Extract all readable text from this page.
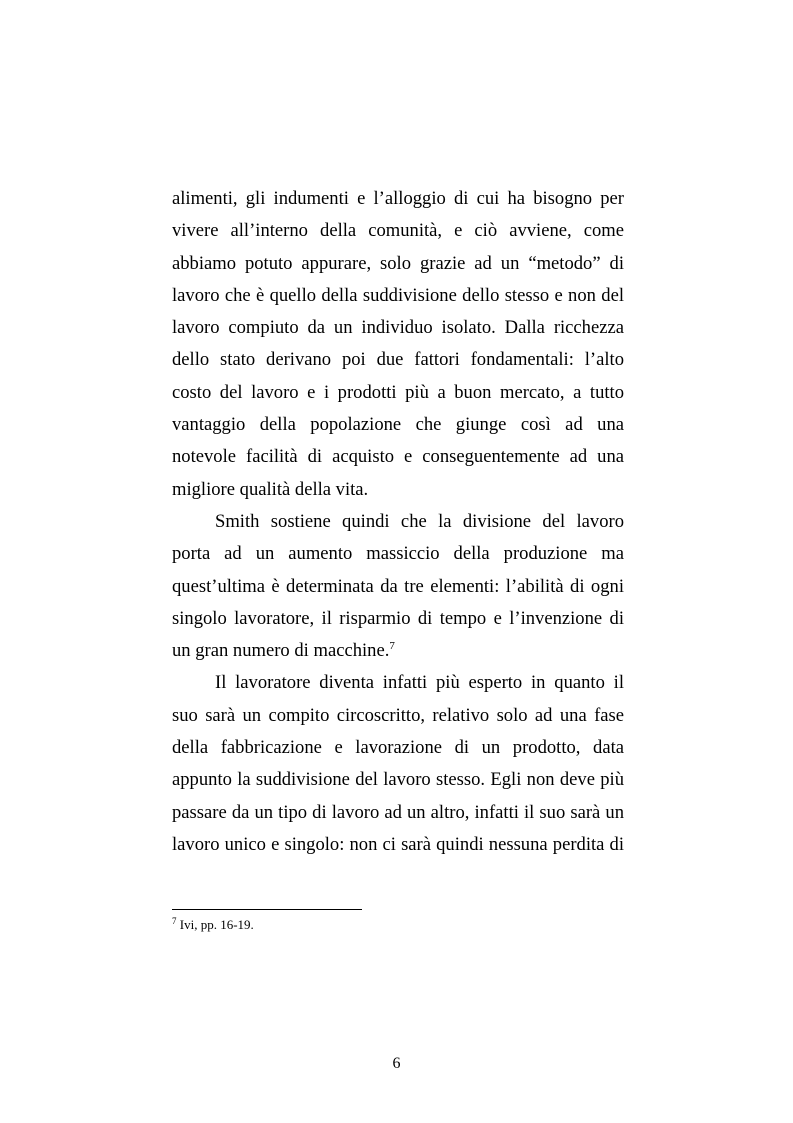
alimenti, gli indumenti e l’alloggio di cui ha bisogno per
vivere all’interno della comunità, e ciò avviene, come
abbiamo potuto appurare, solo grazie ad un “metodo” di
lavoro che è quello della suddivisione dello stesso e non del
lavoro compiuto da un individuo isolato. Dalla ricchezza
dello stato derivano poi due fattori fondamentali: l’alto
costo del lavoro e i prodotti più a buon mercato, a tutto
vantaggio della popolazione che giunge così ad una
notevole facilità di acquisto e conseguentemente ad una
migliore qualità della vita.
Smith sostiene quindi che la divisione del lavoro
porta ad un aumento massiccio della produzione ma
quest’ultima è determinata da tre elementi: l’abilità di ogni
singolo lavoratore, il risparmio di tempo e l’invenzione di
un gran numero di macchine.$^7$
Il lavoratore diventa infatti più esperto in quanto il
suo sarà un compito circoscritto, relativo solo ad una fase
della fabbricazione e lavorazione di un prodotto, data
appunto la suddivisione del lavoro stesso. Egli non deve più
passare da un tipo di lavoro ad un altro, infatti il suo sarà un
lavoro unico e singolo: non ci sarà quindi nessuna perdita di
$^7$ Ivi, pp. 16-19.
6
